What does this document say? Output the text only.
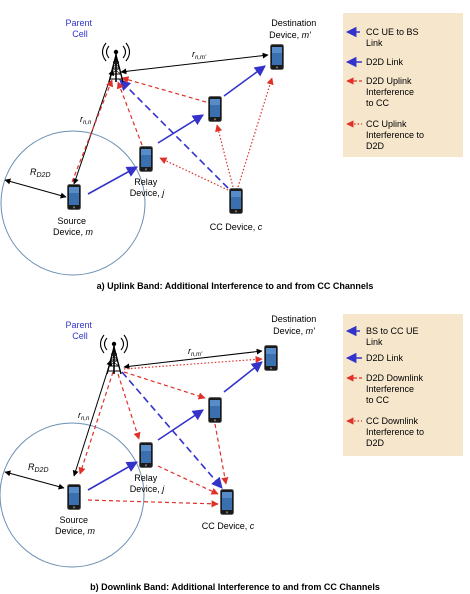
Parent Cell
Destination Device, m'
Relay Device, j
Source Device, m	CC Device, c
$r_{n,n}$
$r_{n,m'}$
$R_{D2D}$
CC UE to BS Link
D2D Link
D2D Uplink Interference to CC
CC Uplink Interference to D2D
a) Uplink Band: Additional Interference to and from CC Channels
Parent Cell
Destination Device, m'
Relay Device, j
Source Device, m	CC Device, c
$r_{n,n}$
$r_{n,m'}$
$R_{D2D}$
BS to CC UE Link
D2D Link
D2D Downlink Interference to CC
CC Downlink Interference to D2D
b) Downlink Band: Additional Interference to and from CC Channels
